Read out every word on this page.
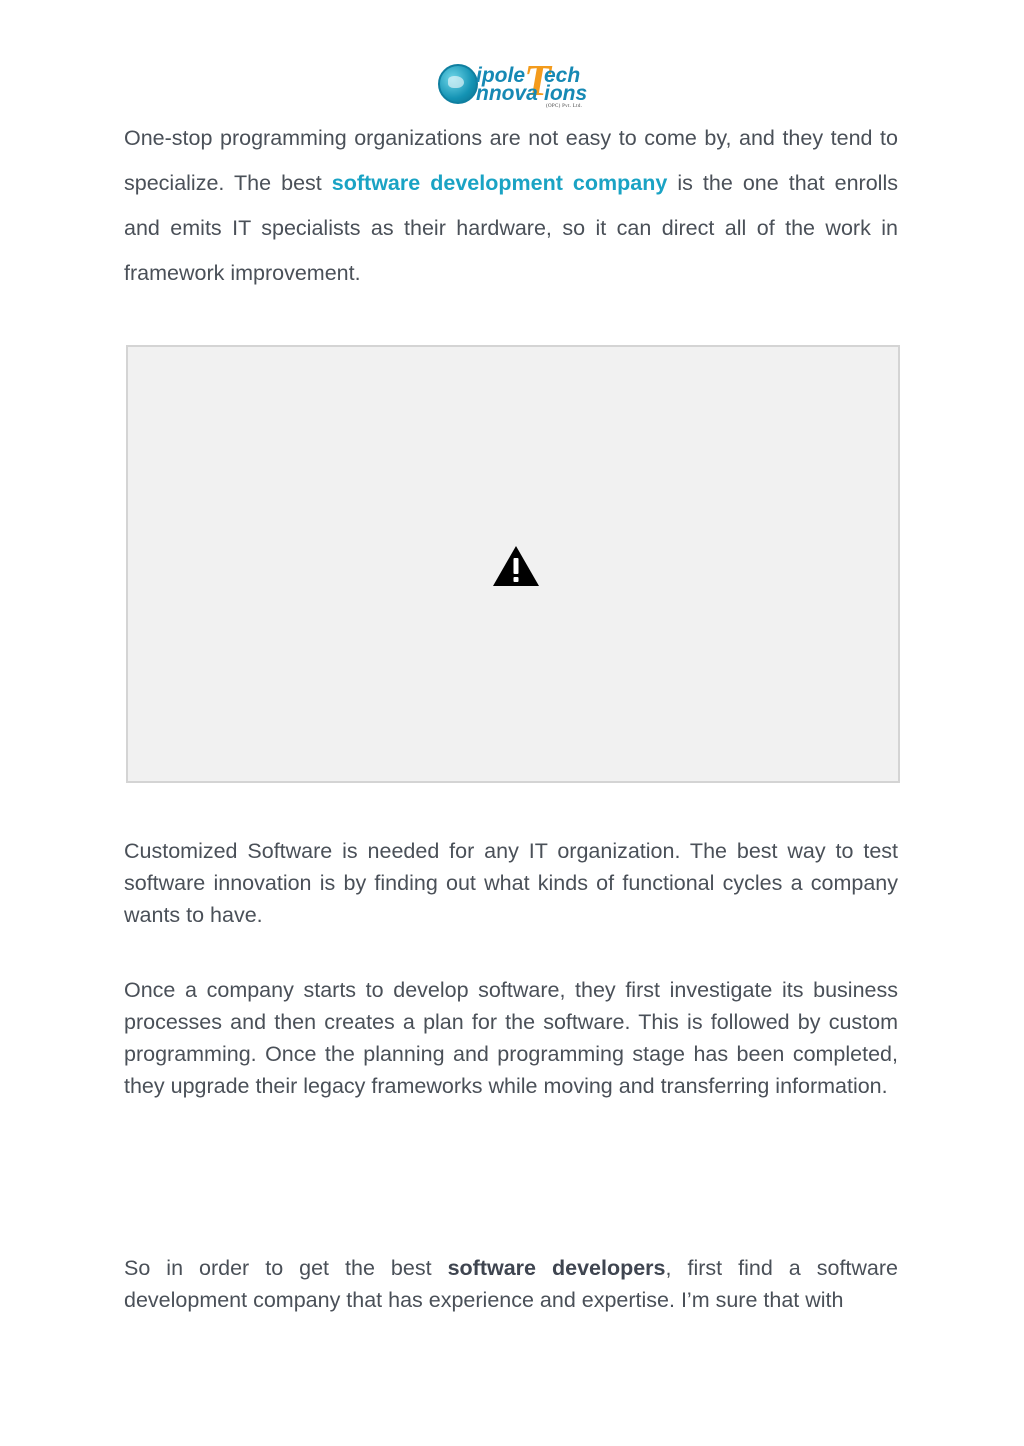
T
ipole ech
nnova ions
(OPC) Pvt. Ltd.

One-stop programming organizations are not easy to come by, and they tend to specialize. The best software development company is the one that enrolls and emits IT specialists as their hardware, so it can direct all of the work in framework improvement.

Customized Software is needed for any IT organization. The best way to test software innovation is by finding out what kinds of functional cycles a company wants to have.

Once a company starts to develop software, they first investigate its business processes and then creates a plan for the software. This is followed by custom programming. Once the planning and programming stage has been completed, they upgrade their legacy frameworks while moving and transferring information.

So in order to get the best software developers, first find a software development company that has experience and expertise. I’m sure that with
